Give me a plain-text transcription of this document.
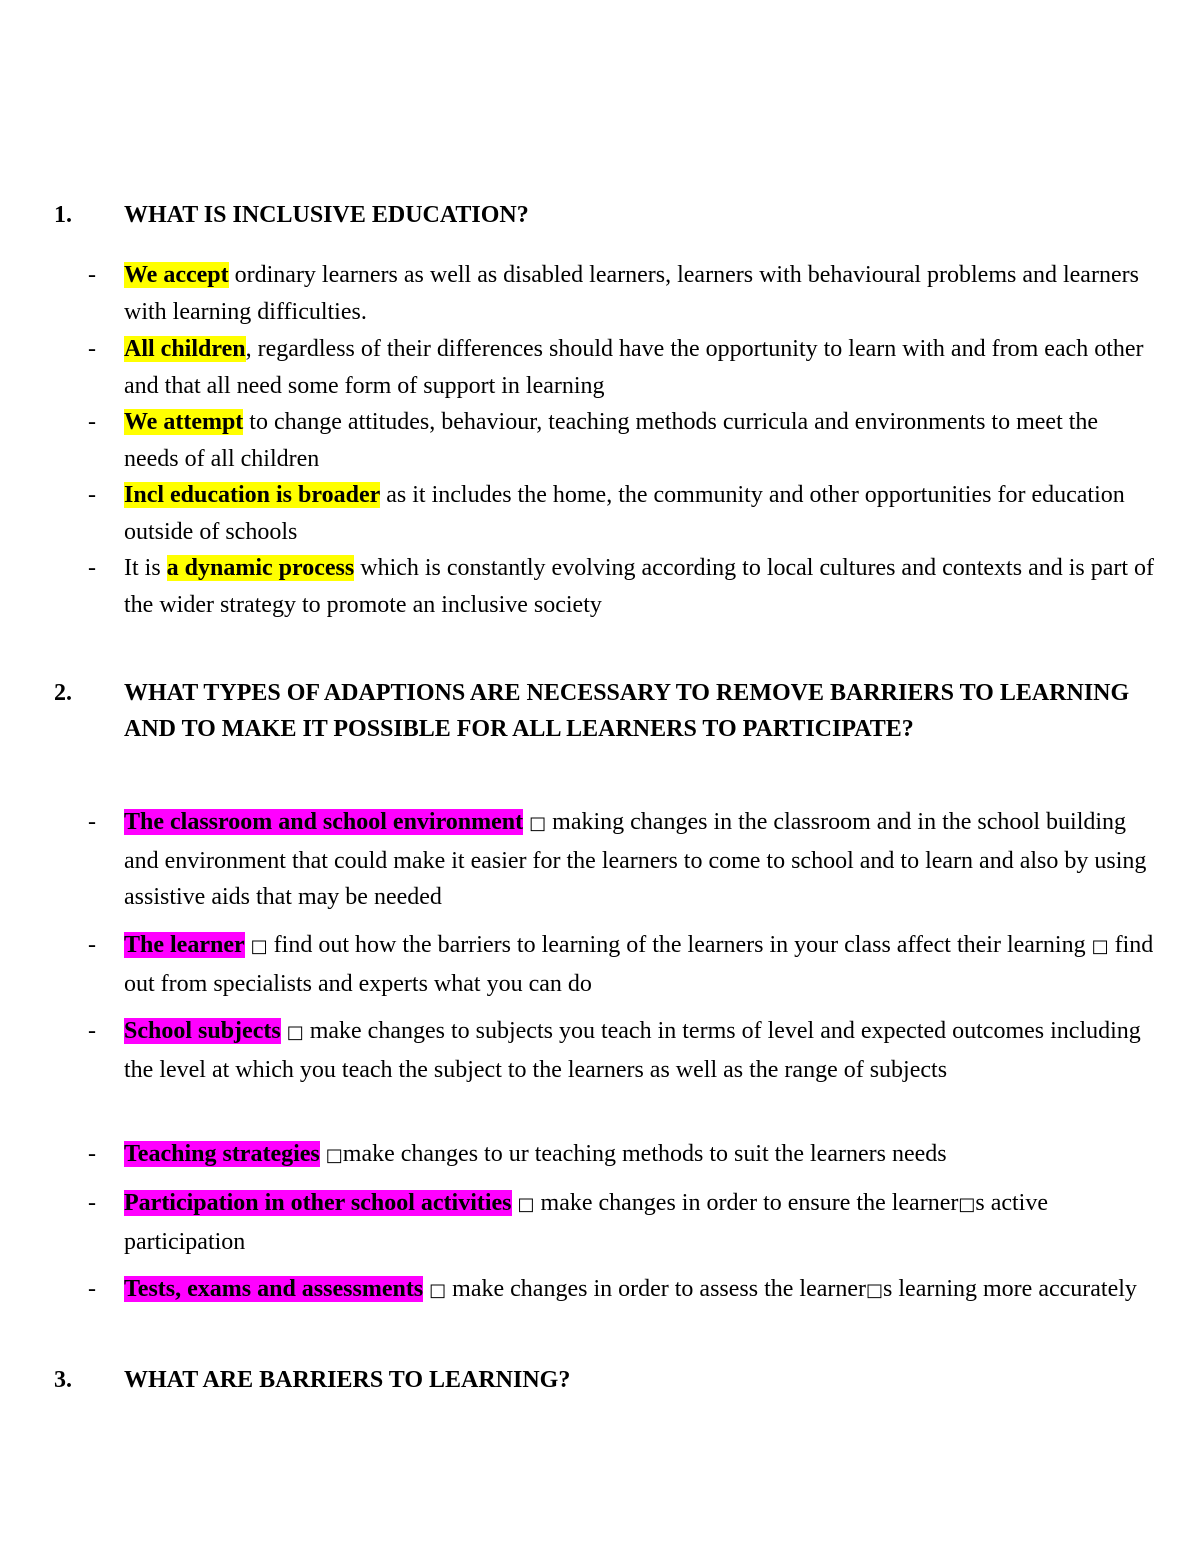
1. WHAT IS INCLUSIVE EDUCATION?
- We accept ordinary learners as well as disabled learners, learners with behavioural problems and learners with learning difficulties.
- All children, regardless of their differences should have the opportunity to learn with and from each other and that all need some form of support in learning
- We attempt to change attitudes, behaviour, teaching methods curricula and environments to meet the needs of all children
- Incl education is broader as it includes the home, the community and other opportunities for education outside of schools
- It is a dynamic process which is constantly evolving according to local cultures and contexts and is part of the wider strategy to promote an inclusive society
2. WHAT TYPES OF ADAPTIONS ARE NECESSARY TO REMOVE BARRIERS TO LEARNING AND TO MAKE IT POSSIBLE FOR ALL LEARNERS TO PARTICIPATE?
- The classroom and school environment □ making changes in the classroom and in the school building and environment that could make it easier for the learners to come to school and to learn and also by using assistive aids that may be needed
- The learner □ find out how the barriers to learning of the learners in your class affect their learning □ find out from specialists and experts what you can do
- School subjects □ make changes to subjects you teach in terms of level and expected outcomes including the level at which you teach the subject to the learners as well as the range of subjects
- Teaching strategies □make changes to ur teaching methods to suit the learners needs
- Participation in other school activities □ make changes in order to ensure the learner□s active participation
- Tests, exams and assessments □ make changes in order to assess the learner□s learning more accurately
3. WHAT ARE BARRIERS TO LEARNING?
